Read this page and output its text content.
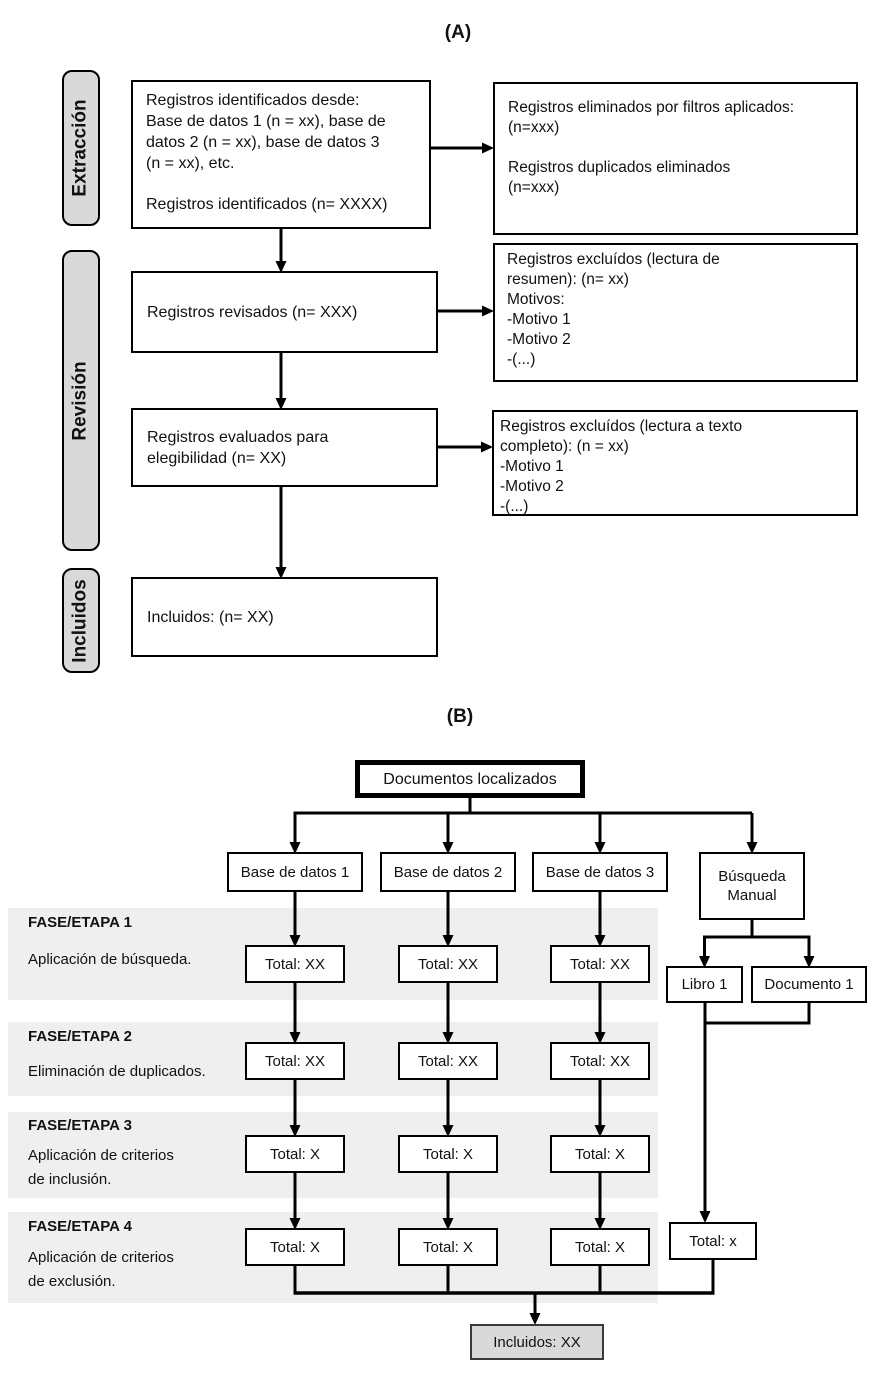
(A)
Extracción
Revisión
Incluidos
Registros identificados desde:
Base de datos 1 (n = xx), base de
datos 2 (n = xx), base de datos 3
(n = xx), etc.
Registros identificados (n= XXXX)
Registros revisados (n= XXX)
Registros evaluados para
elegibilidad (n= XX)
Incluidos: (n= XX)
Registros eliminados por filtros aplicados:
(n=xxx)
Registros duplicados eliminados
(n=xxx)
Registros excluídos (lectura de
resumen): (n= xx)
Motivos:
-Motivo 1
-Motivo 2
-(...)
Registros excluídos (lectura a texto
completo): (n = xx)
-Motivo 1
-Motivo 2
-(...)
(B)
Documentos localizados
Base de datos 1	Base de datos 2	Base de datos 3	Búsqueda
Manual
Libro 1 Documento 1
FASE/ETAPA 1
Aplicación de búsqueda.
FASE/ETAPA 2
Eliminación de duplicados.
FASE/ETAPA 3
Aplicación de criterios
de inclusión.
FASE/ETAPA 4
Aplicación de criterios
de exclusión.
Total: XX	Total: XX	Total: XX
Total: XX	Total: XX	Total: XX
Total: X	Total: X	Total: X
Total: X	Total: X	Total: X	Total: x
Incluidos: XX
